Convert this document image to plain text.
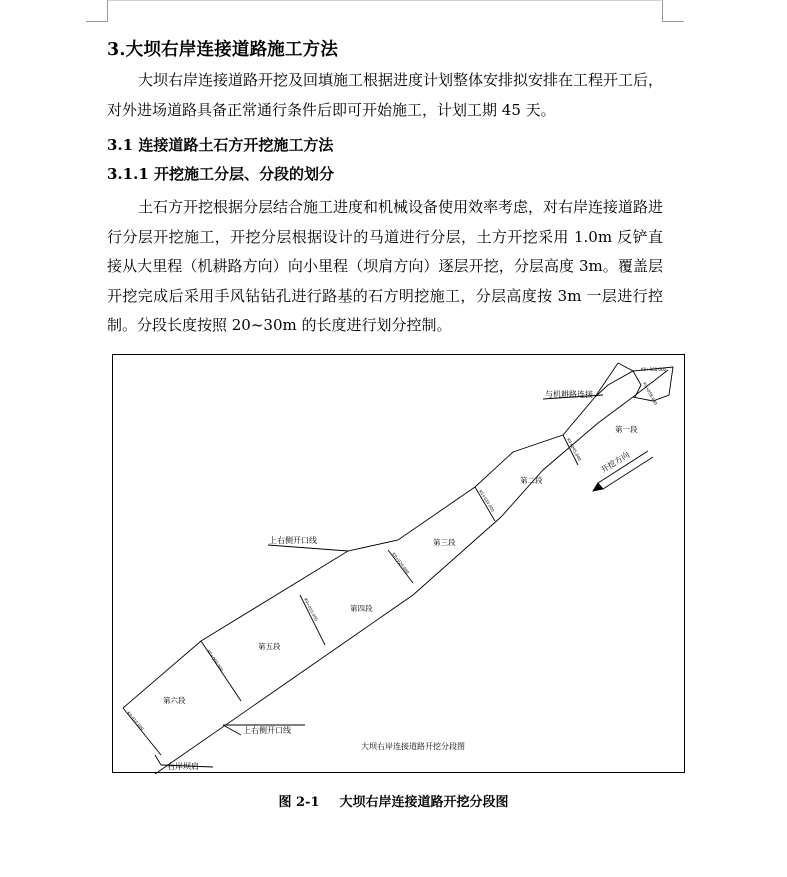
3.大坝右岸连接道路施工方法

大坝右岸连接道路开挖及回填施工根据进度计划整体安排拟安排在工程开工后，对外进场道路具备正常通行条件后即可开始施工，计划工期 45 天。

3.1 连接道路土石方开挖施工方法
3.1.1 开挖施工分层、分段的划分

土石方开挖根据分层结合施工进度和机械设备使用效率考虑，对右岸连接道路进行分层开挖施工，开挖分层根据设计的马道进行分层，土方开挖采用 1.0m 反铲直接从大里程（机耕路方向）向小里程（坝肩方向）逐层开挖，分层高度 3m。覆盖层开挖完成后采用手风钻钻孔进行路基的石方明挖施工，分层高度按 3m 一层进行控制。分段长度按照 20~30m 的长度进行划分控制。

K0+045.000
K0+030.000
K0+020.000
K0+010.000
K0+000.000
K0-010.000
K0+060.000
K0+058.000
与机耕路连接
开挖方向
上右侧开口线
上右侧开口线
右岸坝肩
大坝右岸连接道路开挖分段图
第一段
第二段
第三段
第四段
第五段
第六段
图 2-1 大坝右岸连接道路开挖分段图
